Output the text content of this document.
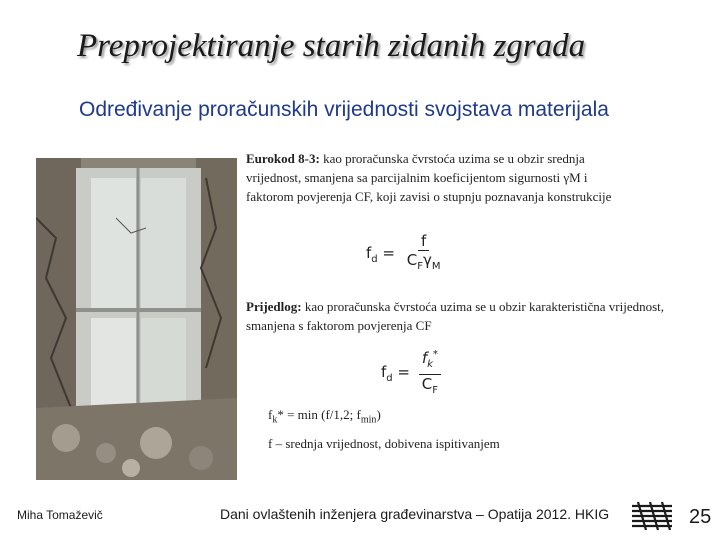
Preprojektiranje starih zidanih zgrada
Određivanje proračunskih vrijednosti svojstava materijala
Eurokod 8-3: kao proračunska čvrstoća uzima se u obzir srednja vrijednost, smanjena sa parcijalnim koeficijentom sigurnosti γM i faktorom povjerenja CF, koji zavisi o stupnju poznavanja konstrukcije
$f_d = \frac{f}{C_F\gamma_M}$
Prijedlog: kao proračunska čvrstoća uzima se u obzir karakteristična vrijednost, smanjena s faktorom povjerenja CF
$f_d = \frac{f_k^*}{C_F}$
$f_k* = \min (f/1,2$; $f_{min}$)
f – srednja vrijednost, dobivena ispitivanjem
Miha Tomaževič	Dani ovlaštenih inženjera građevinarstva – Opatija 2012. HKIG	25
